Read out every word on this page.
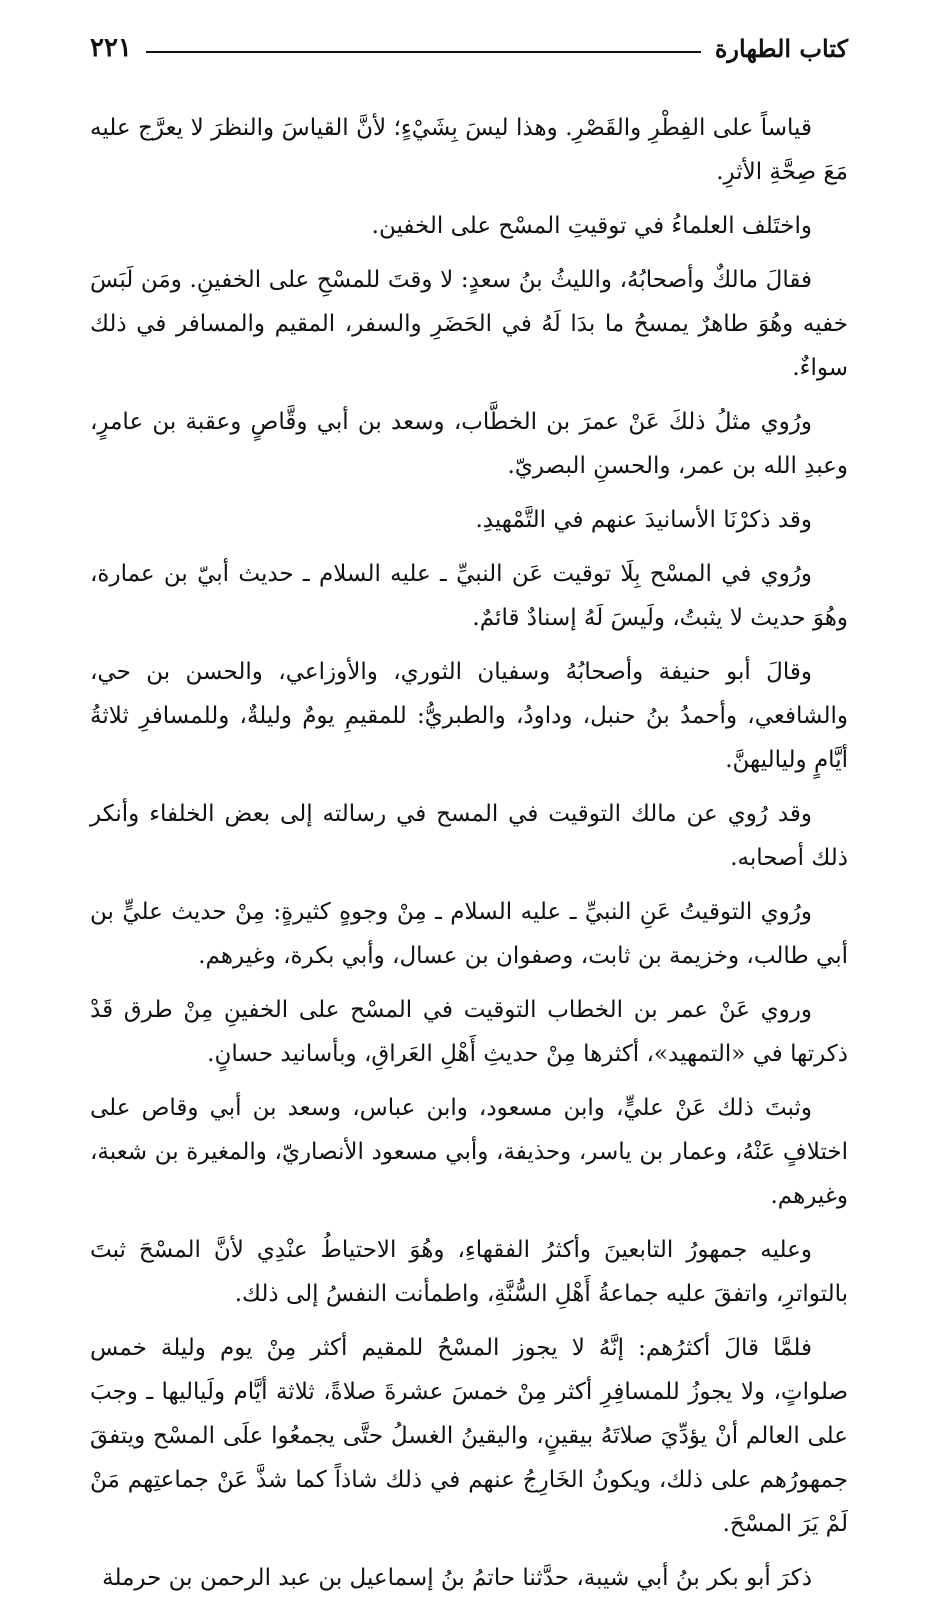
كتاب الطهارة
٢٢١

قياساً على الفِطْرِ والقَصْرِ. وهذا ليسَ بِشَيْءٍ؛ لأنَّ القياسَ والنظرَ لا يعرَّج عليه مَعَ صِحَّةِ الأثرِ.

واختَلف العلماءُ في توقيتِ المسْح على الخفين.

فقالَ مالكٌ وأصحابُهُ، والليثُ بنُ سعدٍ: لا وقتَ للمسْحِ على الخفينِ. ومَن لَبَسَ خفيه وهُوَ طاهرٌ يمسحُ ما بدَا لَهُ في الحَضَرِ والسفر، المقيم والمسافر في ذلك سواءٌ.

ورُوي مثلُ ذلكَ عَنْ عمرَ بن الخطَّاب، وسعد بن أبي وقَّاصٍ وعقبة بن عامرٍ، وعبدِ الله بن عمر، والحسنِ البصريّ.

وقد ذكرْنَا الأسانيدَ عنهم في التَّمْهيدِ.

ورُوي في المسْح بِلَا توقيت عَن النبيِّ ـ عليه السلام ـ حديث أبيّ بن عمارة، وهُوَ حديث لا يثبتُ، ولَيسَ لَهُ إسنادٌ قائمٌ.

وقالَ أبو حنيفة وأصحابُهُ وسفيان الثوري، والأوزاعي، والحسن بن حي، والشافعي، وأحمدُ بنُ حنبل، وداودُ، والطبريُّ: للمقيمِ يومٌ وليلةٌ، وللمسافرِ ثلاثةُ أيَّامٍ ولياليهنَّ.

وقد رُوي عن مالك التوقيت في المسح في رسالته إلى بعض الخلفاء وأنكر ذلك أصحابه.

ورُوي التوقيتُ عَنِ النبيِّ ـ عليه السلام ـ مِنْ وجوهٍ كثيرةٍ: مِنْ حديث عليٍّ بن أبي طالب، وخزيمة بن ثابت، وصفوان بن عسال، وأبي بكرة، وغيرهم.

وروي عَنْ عمر بن الخطاب التوقيت في المسْح على الخفينِ مِنْ طرق قَدْ ذكرتها في «التمهيد»، أكثرها مِنْ حديثِ أَهْلِ العَراقِ، وبأسانيد حسانٍ.

وثبتَ ذلك عَنْ عليٍّ، وابن مسعود، وابن عباس، وسعد بن أبي وقاص على اختلافٍ عَنْهُ، وعمار بن ياسر، وحذيفة، وأبي مسعود الأنصاريّ، والمغيرة بن شعبة، وغيرهم.

وعليه جمهورُ التابعينَ وأكثرُ الفقهاءِ، وهُوَ الاحتياطُ عنْدِي لأنَّ المسْحَ ثبتَ بالتواترِ، واتفقَ عليه جماعةُ أَهْلِ السُّنَّةِ، واطمأنت النفسُ إلى ذلك.

فلمَّا قالَ أكثرُهم: إنَّهُ لا يجوز المسْحُ للمقيم أكثر مِنْ يوم وليلة خمس صلواتٍ، ولا يجوزُ للمسافِرِ أكثر مِنْ خمسَ عشرةَ صلاةً، ثلاثة أيَّام ولَياليها ـ وجبَ على العالم أنْ يؤدِّيَ صلاتَهُ بيقينٍ، واليقينُ الغسلُ حتَّى يجمعُوا علَى المسْح ويتفقَ جمهورُهم على ذلك، ويكونُ الخَارِجُ عنهم في ذلك شاذاً كما شذَّ عَنْ جماعتِهم مَنْ لَمْ يَرَ المسْحَ.

ذكرَ أبو بكر بنُ أبي شيبة، حدَّثنا حاتمُ بنُ إسماعيل بن عبد الرحمن بن حرملة
